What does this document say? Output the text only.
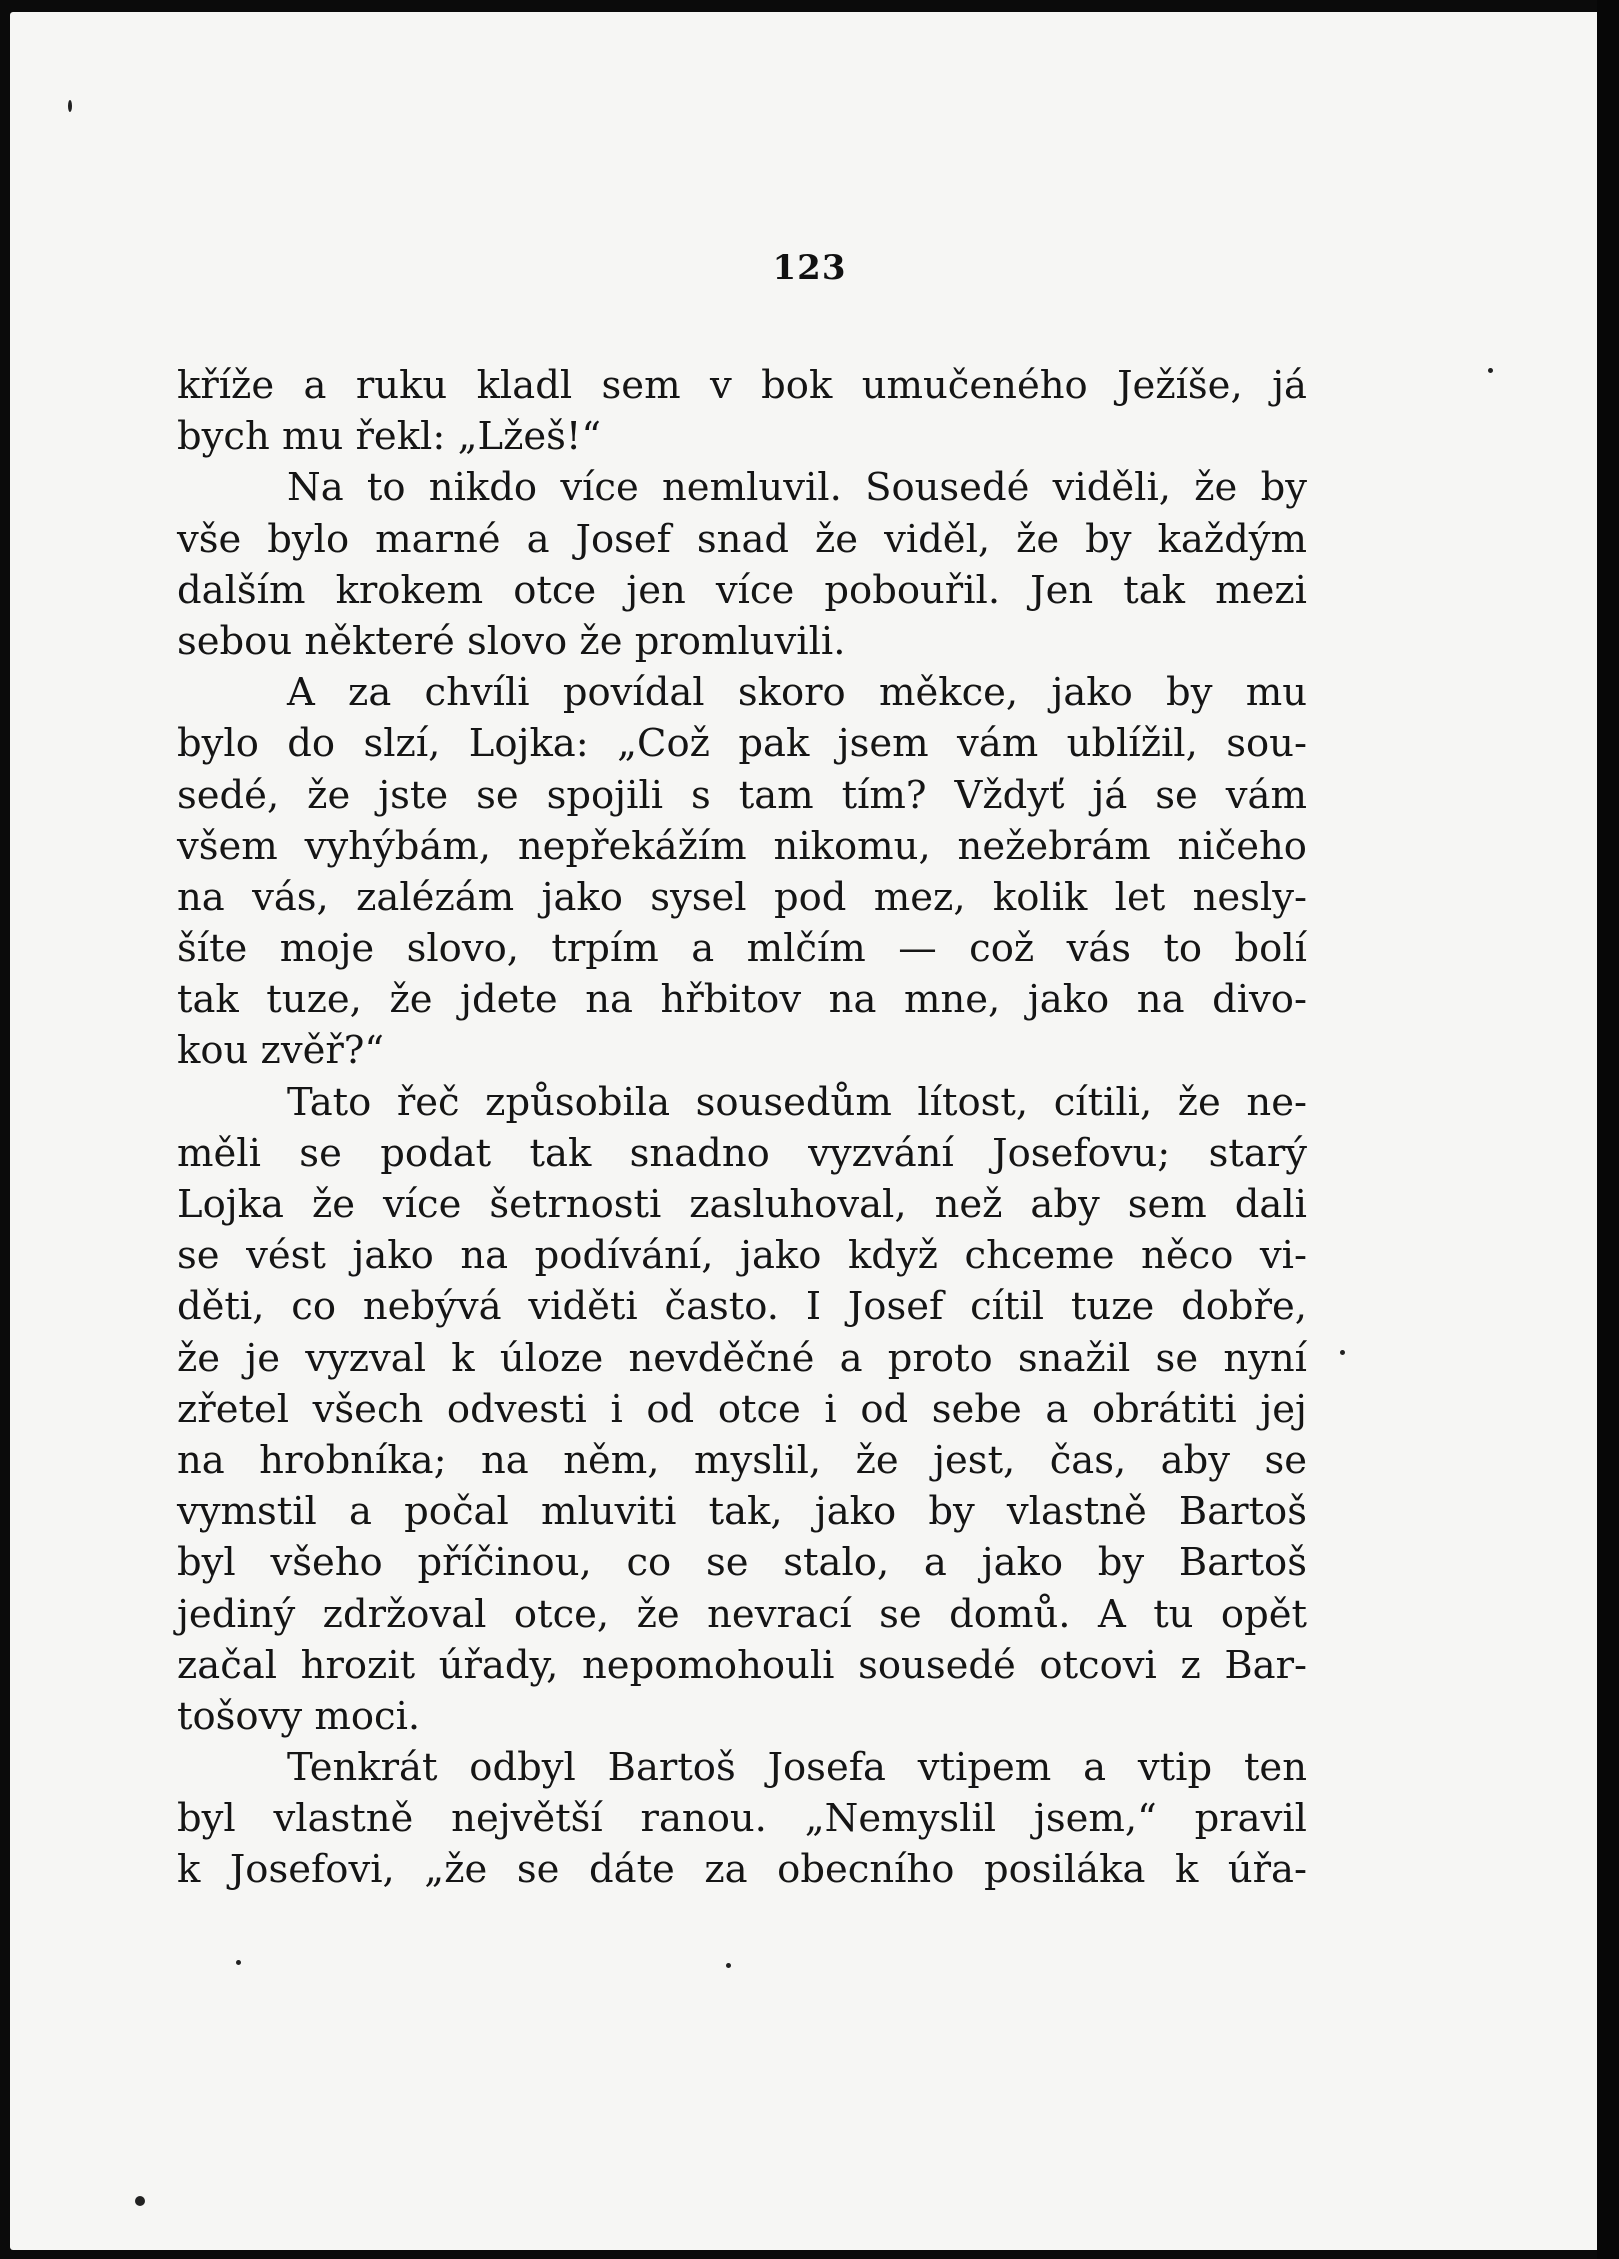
123
kříže a ruku kladl sem v bok umučeného Ježíše, já
bych mu řekl: „Lžeš!“
Na to nikdo více nemluvil. Sousedé viděli, že by
vše bylo marné a Josef snad že viděl, že by každým
dalším krokem otce jen více pobouřil. Jen tak mezi
sebou některé slovo že promluvili.
A za chvíli povídal skoro měkce, jako by mu
bylo do slzí, Lojka: „Což pak jsem vám ublížil, sou-
sedé, že jste se spojili s tam tím? Vždyť já se vám
všem vyhýbám, nepřekážím nikomu, nežebrám ničeho
na vás, zalézám jako sysel pod mez, kolik let nesly-
šíte moje slovo, trpím a mlčím — což vás to bolí
tak tuze, že jdete na hřbitov na mne, jako na divo-
kou zvěř?“
Tato řeč způsobila sousedům lítost, cítili, že ne-
měli se podat tak snadno vyzvání Josefovu; starý
Lojka že více šetrnosti zasluhoval, než aby sem dali
se vést jako na podívání, jako když chceme něco vi-
děti, co nebývá viděti často. I Josef cítil tuze dobře,
že je vyzval k úloze nevděčné a proto snažil se nyní
zřetel všech odvesti i od otce i od sebe a obrátiti jej
na hrobníka; na něm, myslil, že jest, čas, aby se
vymstil a počal mluviti tak, jako by vlastně Bartoš
byl všeho příčinou, co se stalo, a jako by Bartoš
jediný zdržoval otce, že nevrací se domů. A tu opět
začal hrozit úřady, nepomohouli sousedé otcovi z Bar-
tošovy moci.
Tenkrát odbyl Bartoš Josefa vtipem a vtip ten
byl vlastně největší ranou. „Nemyslil jsem,“ pravil
k Josefovi, „že se dáte za obecního posiláka k úřa-
